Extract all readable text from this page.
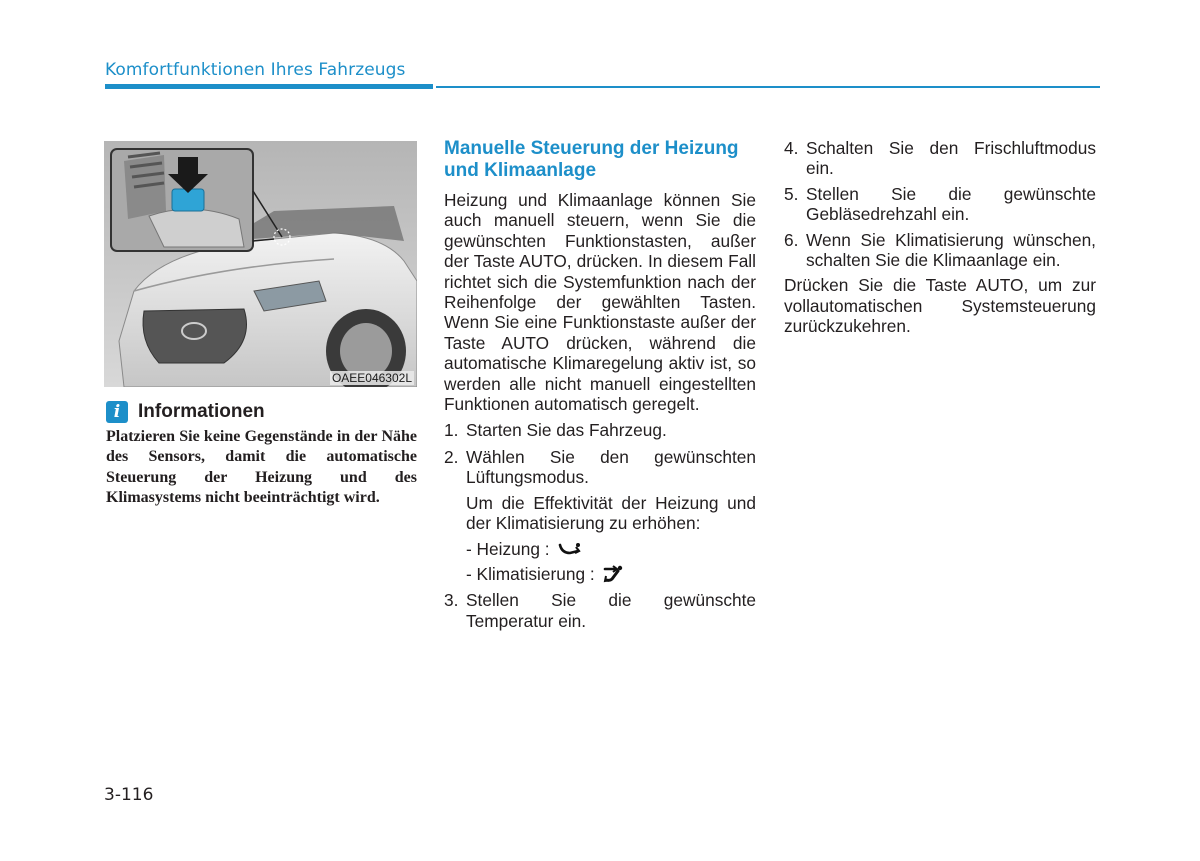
Komfortfunktionen Ihres Fahrzeugs
OAEE046302L
i Informationen
Platzieren Sie keine Gegenstände in der Nähe des Sensors, damit die automatische Steuerung der Heizung und des Klimasystems nicht beeinträchtigt wird.
Manuelle Steuerung der Heizung und Klimaanlage

Heizung und Klimaanlage können Sie auch manuell steuern, wenn Sie die gewünschten Funktionstasten, außer der Taste AUTO, drücken. In diesem Fall richtet sich die Systemfunktion nach der Reihenfolge der gewählten Tasten. Wenn Sie eine Funktionstaste außer der Taste AUTO drücken, während die automatische Klimaregelung aktiv ist, so werden alle nicht manuell eingestellten Funktionen automatisch geregelt.

1. Starten Sie das Fahrzeug.
2. Wählen Sie den gewünschten Lüftungsmodus.
Um die Effektivität der Heizung und der Klimatisierung zu erhöhen:
- Heizung :
- Klimatisierung :
3. Stellen Sie die gewünschte Temperatur ein.
4. Schalten Sie den Frischluftmodus ein.
5. Stellen Sie die gewünschte Gebläsedrehzahl ein.
6. Wenn Sie Klimatisierung wünschen, schalten Sie die Klimaanlage ein.

Drücken Sie die Taste AUTO, um zur vollautomatischen Systemsteuerung zurückzukehren.

3-116
